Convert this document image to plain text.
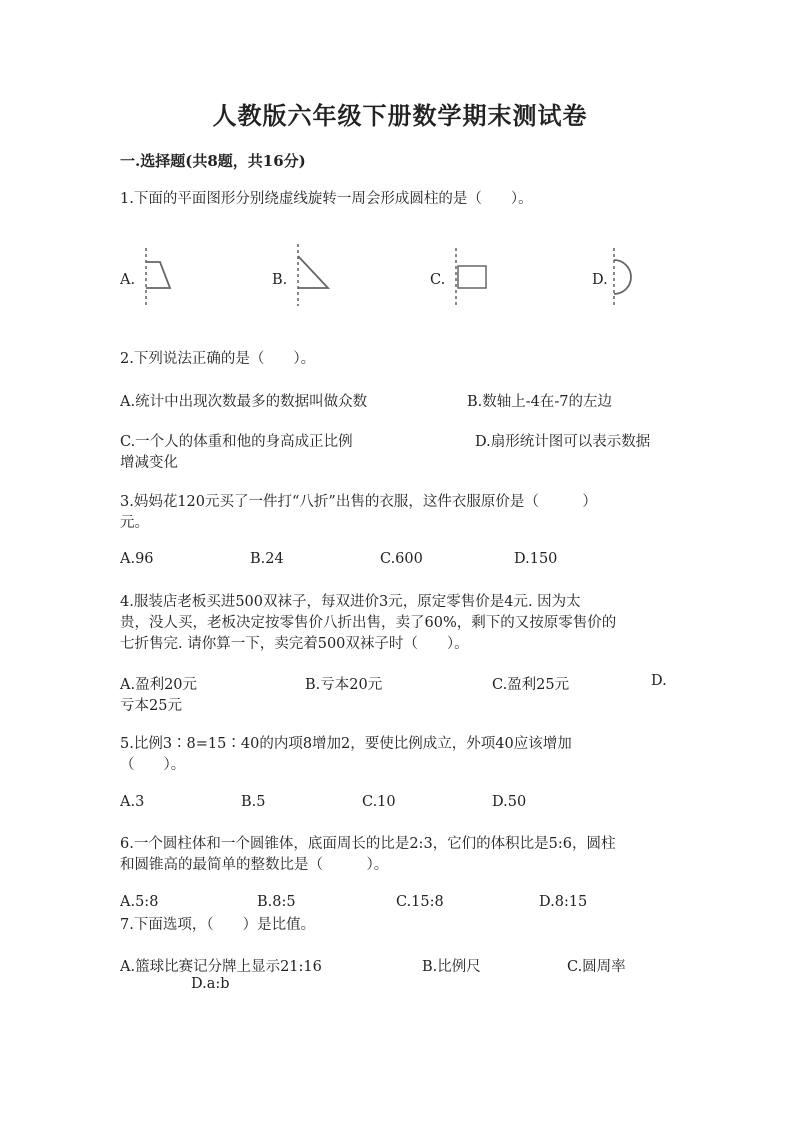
人教版六年级下册数学期末测试卷
一.选择题(共8题，共16分)
1.下面的平面图形分别绕虚线旋转一周会形成圆柱的是（　　）。
A.	B.	C.	D.
2.下列说法正确的是（　　）。
A.统计中出现次数最多的数据叫做众数	B.数轴上-4在-7的左边
C.一个人的体重和他的身高成正比例	D.扇形统计图可以表示数据
增减变化
3.妈妈花120元买了一件打“八折”出售的衣服，这件衣服原价是（　　　）
元。
A.96	B.24	C.600	D.150
4.服装店老板买进500双袜子，每双进价3元，原定零售价是4元. 因为太
贵，没人买，老板决定按零售价八折出售，卖了60%，剩下的又按原零售价的
七折售完. 请你算一下，卖完着500双袜子时（　　）。
A.盈利20元	B.亏本20元	C.盈利25元	D.
亏本25元
5.比例3∶8=15∶40的内项8增加2，要使比例成立，外项40应该增加
（　　）。
A.3	B.5	C.10	D.50
6.一个圆柱体和一个圆锥体，底面周长的比是2:3，它们的体积比是5:6，圆柱
和圆锥高的最简单的整数比是（　　　）。
A.5:8	B.8:5	C.15:8	D.8:15
7.下面选项，（　　）是比值。
A.篮球比赛记分牌上显示21:16	B.比例尺	C.圆周率
D.a:b
